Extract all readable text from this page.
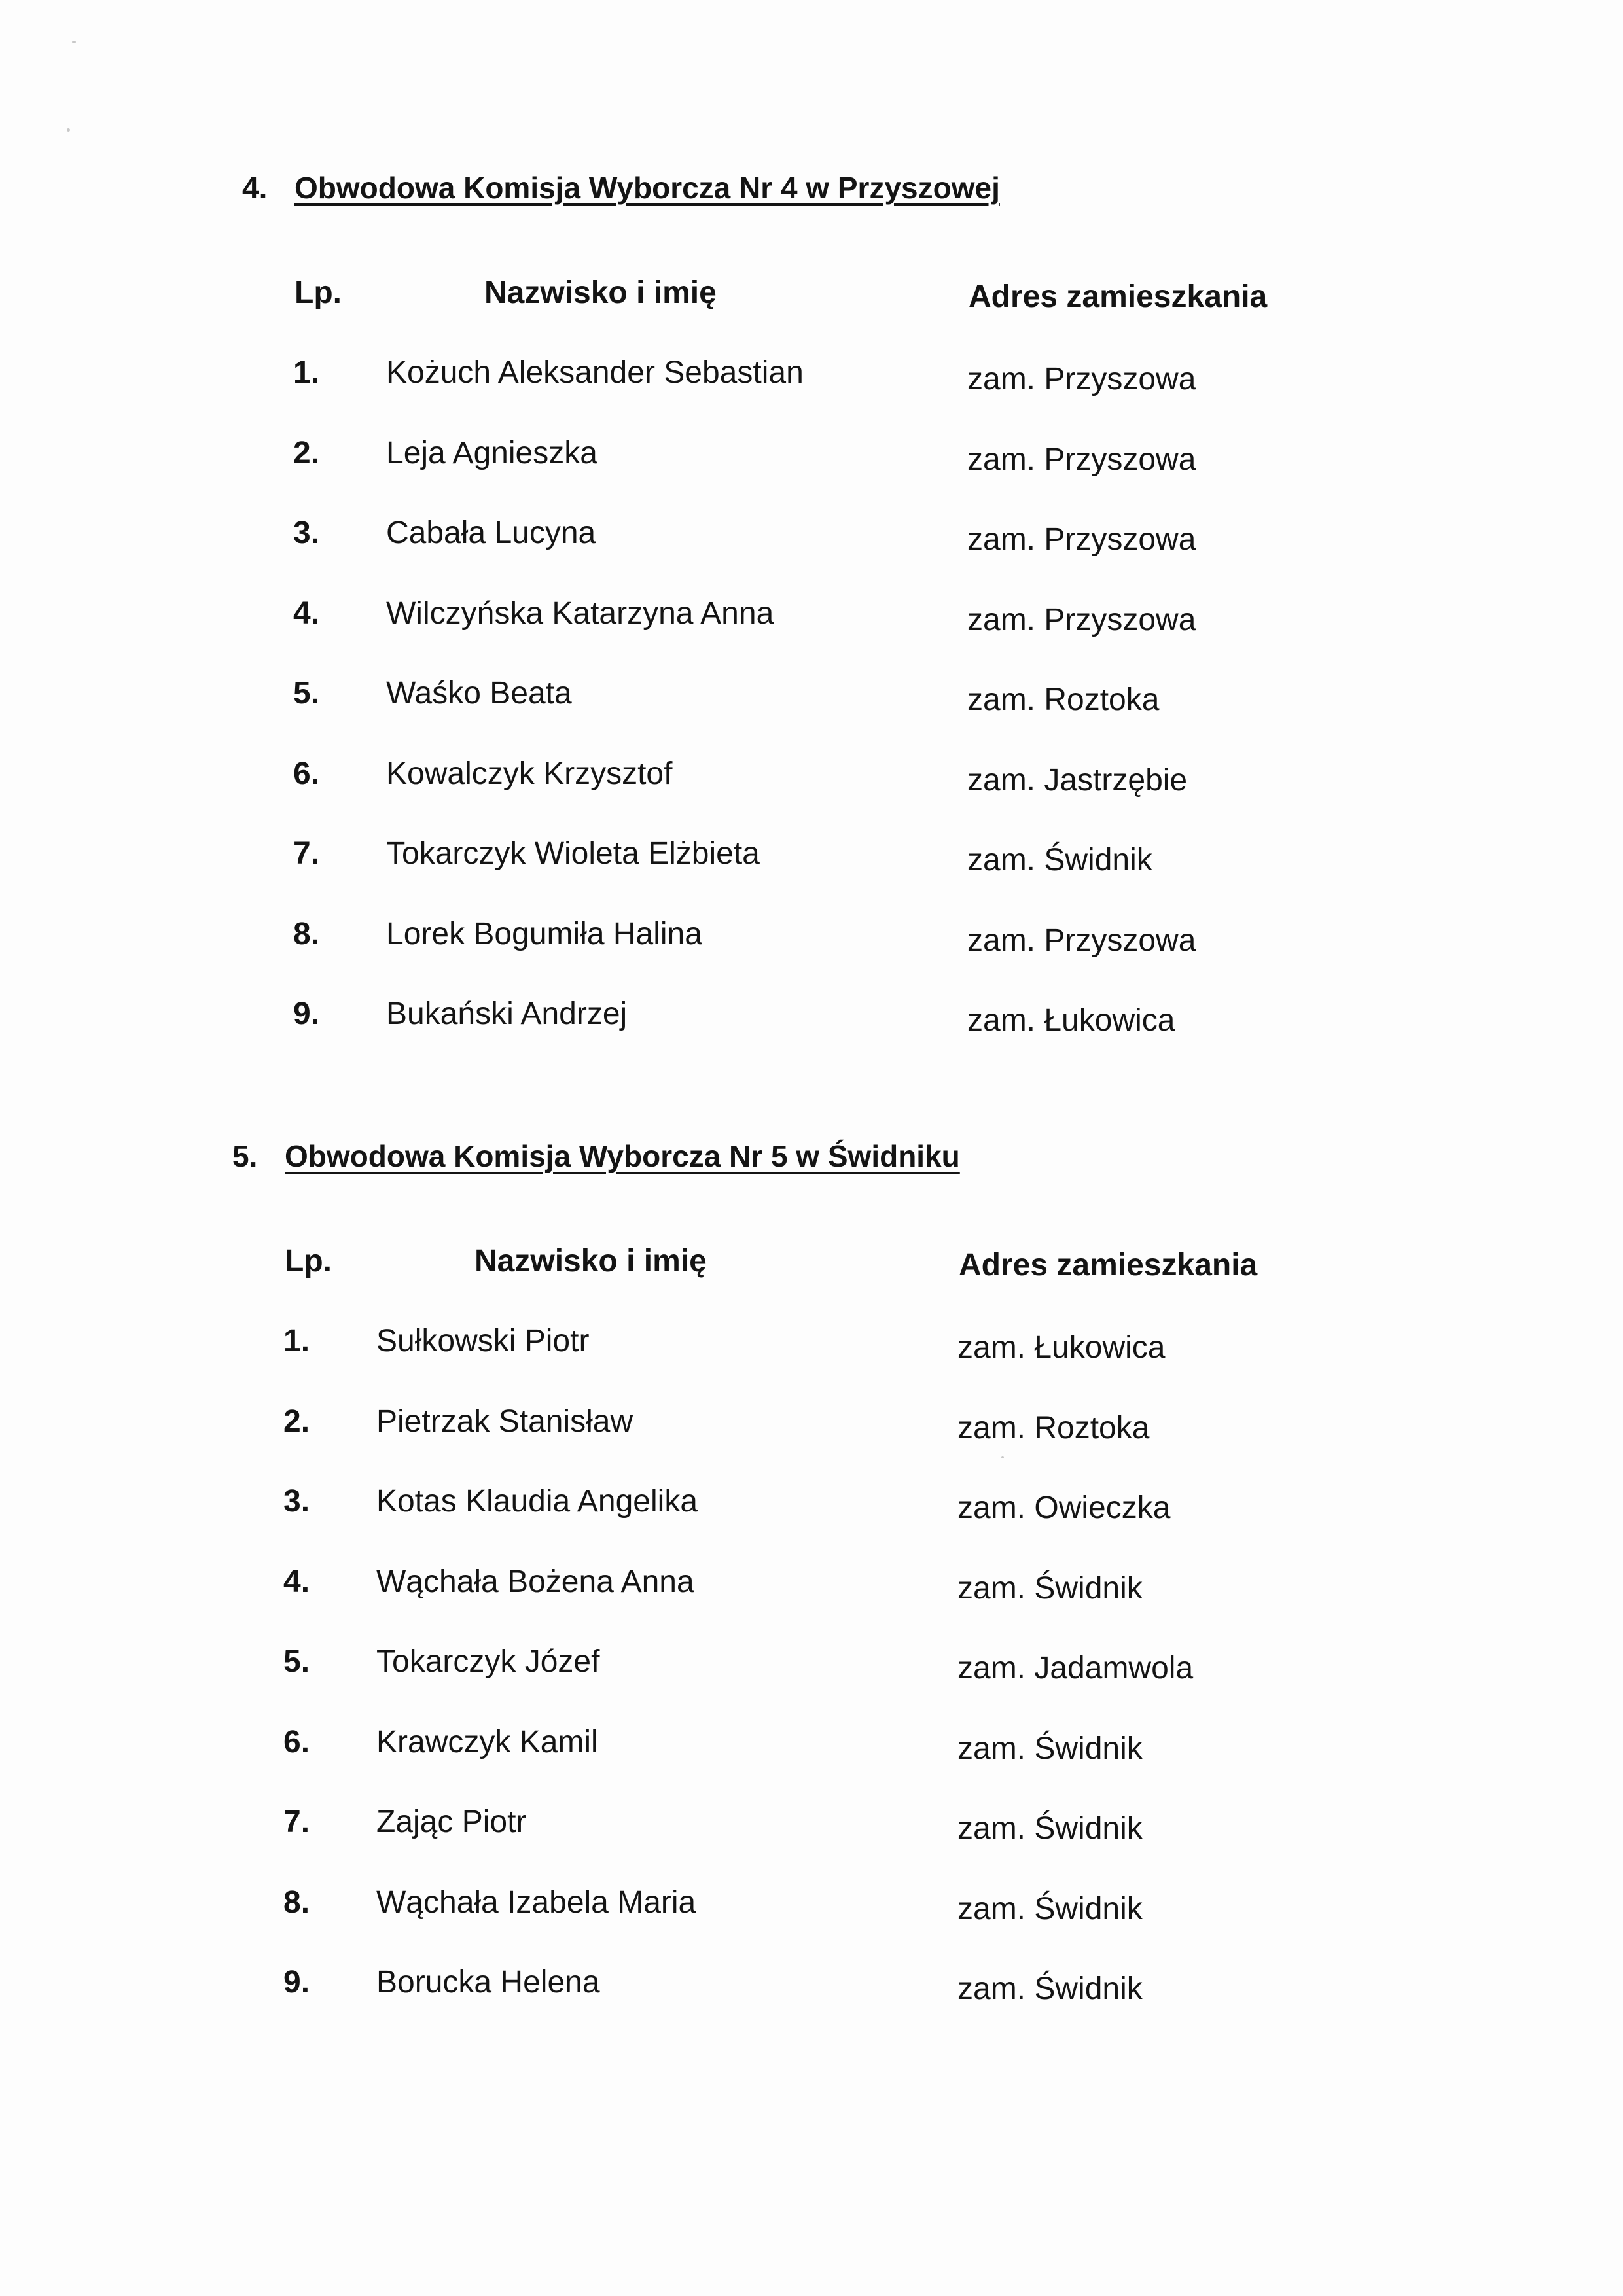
4. Obwodowa Komisja Wyborcza Nr 4 w Przyszowej
Lp.	Nazwisko i imię	Adres zamieszkania
1. Kożuch Aleksander Sebastian	zam. Przyszowa
2. Leja Agnieszka	zam. Przyszowa
3. Cabała Lucyna	zam. Przyszowa
4. Wilczyńska Katarzyna Anna	zam. Przyszowa
5. Waśko Beata	zam. Roztoka
6. Kowalczyk Krzysztof	zam. Jastrzębie
7. Tokarczyk Wioleta Elżbieta	zam. Świdnik
8. Lorek Bogumiła Halina	zam. Przyszowa
9. Bukański Andrzej	zam. Łukowica
5. Obwodowa Komisja Wyborcza Nr 5 w Świdniku
Lp.	Nazwisko i imię	Adres zamieszkania
1. Sułkowski Piotr	zam. Łukowica
2. Pietrzak Stanisław	zam. Roztoka
3. Kotas Klaudia Angelika	zam. Owieczka
4. Wąchała Bożena Anna	zam. Świdnik
5. Tokarczyk Józef	zam. Jadamwola
6. Krawczyk Kamil	zam. Świdnik
7. Zając Piotr	zam. Świdnik
8. Wąchała Izabela Maria	zam. Świdnik
9. Borucka Helena	zam. Świdnik
